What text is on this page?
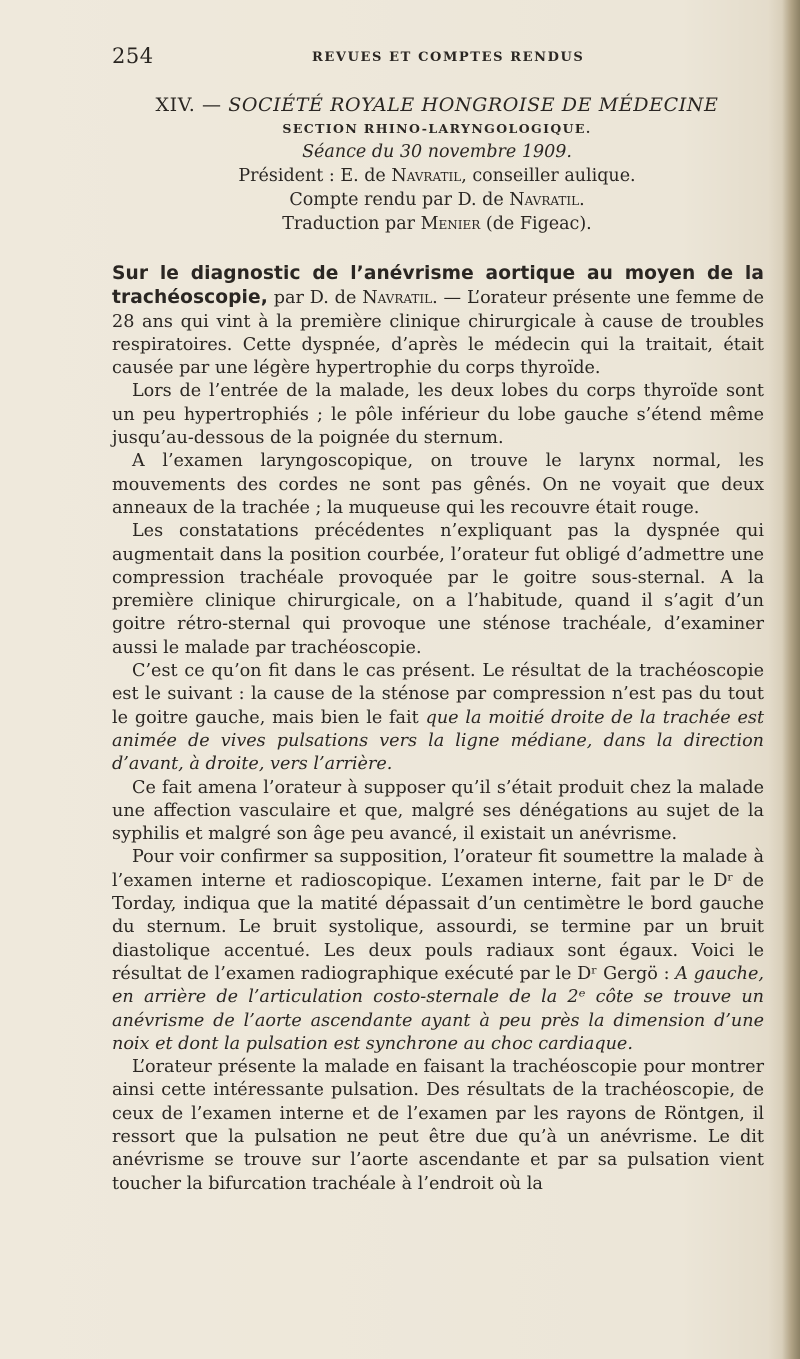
254	REVUES ET COMPTES RENDUS
XIV. — SOCIÉTÉ ROYALE HONGROISE DE MÉDECINE
SECTION RHINO-LARYNGOLOGIQUE.
Séance du 30 novembre 1909.
Président : E. de Navratil, conseiller aulique.
Compte rendu par D. de Navratil.
Traduction par Menier (de Figeac).

Sur le diagnostic de l’anévrisme aortique au moyen de la trachéoscopie, par D. de Navratil. — L’orateur présente une femme de 28 ans qui vint à la première clinique chirurgicale à cause de troubles respiratoires. Cette dyspnée, d’après le médecin qui la traitait, était causée par une légère hypertrophie du corps thyroïde.

Lors de l’entrée de la malade, les deux lobes du corps thyroïde sont un peu hypertrophiés ; le pôle inférieur du lobe gauche s’étend même jusqu’au-dessous de la poignée du sternum.

A l’examen laryngoscopique, on trouve le larynx normal, les mouvements des cordes ne sont pas gênés. On ne voyait que deux anneaux de la trachée ; la muqueuse qui les recouvre était rouge.

Les constatations précédentes n’expliquant pas la dyspnée qui augmentait dans la position courbée, l’orateur fut obligé d’admettre une compression trachéale provoquée par le goitre sous-sternal. A la première clinique chirurgicale, on a l’habitude, quand il s’agit d’un goitre rétro-sternal qui provoque une sténose trachéale, d’examiner aussi le malade par trachéoscopie.

C’est ce qu’on fit dans le cas présent. Le résultat de la trachéoscopie est le suivant : la cause de la sténose par compression n’est pas du tout le goitre gauche, mais bien le fait que la moitié droite de la trachée est animée de vives pulsations vers la ligne médiane, dans la direction d’avant, à droite, vers l’arrière.

Ce fait amena l’orateur à supposer qu’il s’était produit chez la malade une affection vasculaire et que, malgré ses dénégations au sujet de la syphilis et malgré son âge peu avancé, il existait un anévrisme.

Pour voir confirmer sa supposition, l’orateur fit soumettre la malade à l’examen interne et radioscopique. L’examen interne, fait par le Dʳ de Torday, indiqua que la matité dépassait d’un centimètre le bord gauche du sternum. Le bruit systolique, assourdi, se termine par un bruit diastolique accentué. Les deux pouls radiaux sont égaux. Voici le résultat de l’examen radiographique exécuté par le Dʳ Gergö : A gauche, en arrière de l’articulation costo-sternale de la 2ᵉ côte se trouve un anévrisme de l’aorte ascendante ayant à peu près la dimension d’une noix et dont la pulsation est synchrone au choc cardiaque.

L’orateur présente la malade en faisant la trachéoscopie pour montrer ainsi cette intéressante pulsation. Des résultats de la trachéoscopie, de ceux de l’examen interne et de l’examen par les rayons de Röntgen, il ressort que la pulsation ne peut être due qu’à un anévrisme. Le dit anévrisme se trouve sur l’aorte ascendante et par sa pulsation vient toucher la bifurcation trachéale à l’endroit où la
